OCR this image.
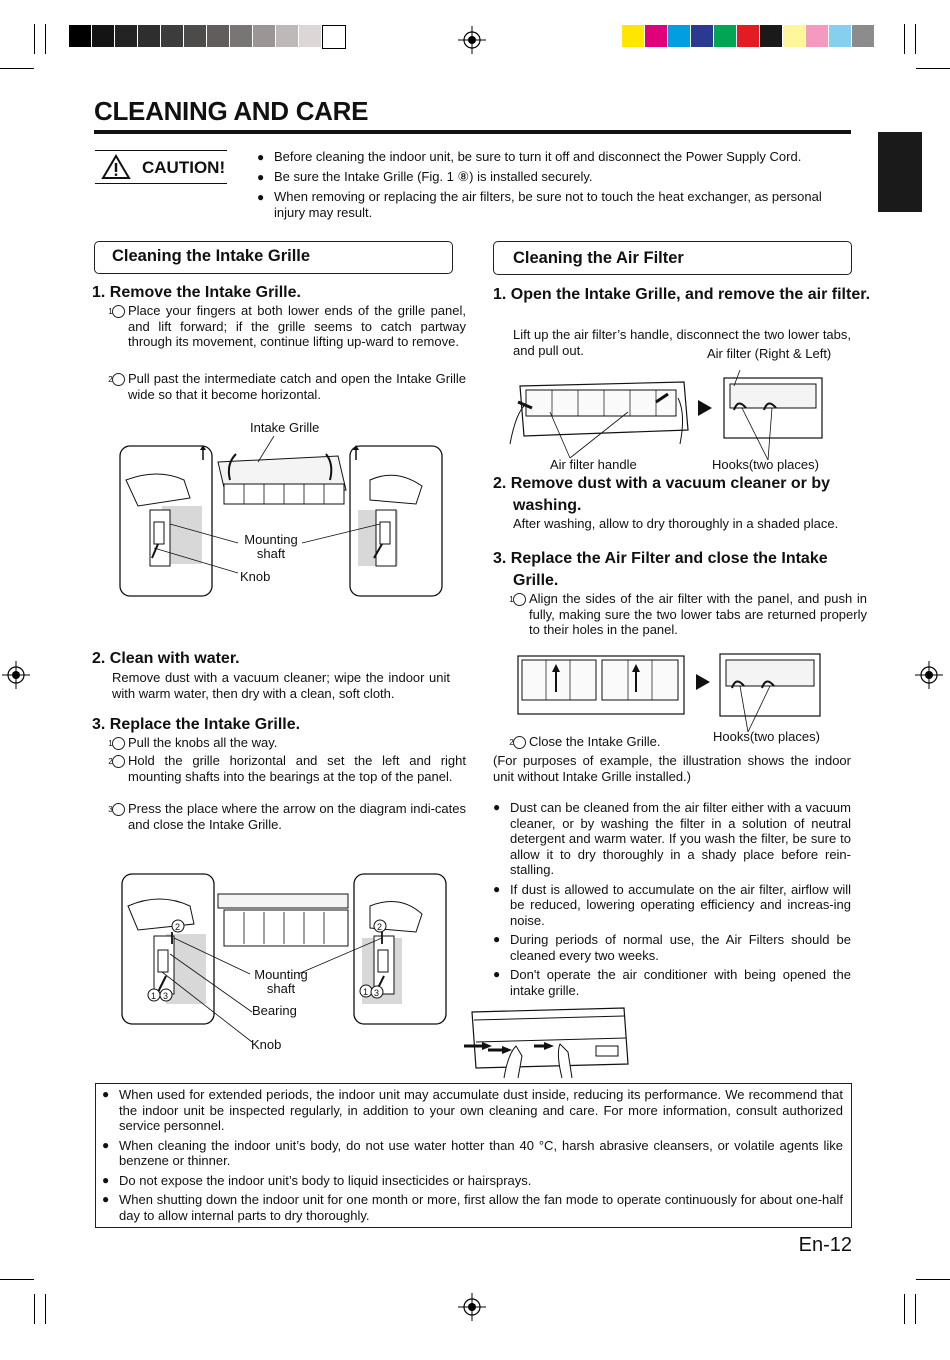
CLEANING AND CARE
CAUTION!
● Before cleaning the indoor unit, be sure to turn it off and disconnect the Power Supply Cord.
● Be sure the Intake Grille (Fig. 1 ⑧) is installed securely.
● When removing or replacing the air filters, be sure not to touch the heat exchanger, as personal injury may result.
Cleaning the Intake Grille
1. Remove the Intake Grille.
1 Place your fingers at both lower ends of the grille panel, and lift forward; if the grille seems to catch partway through its movement, continue lifting up-ward to remove.
2 Pull past the intermediate catch and open the Intake Grille wide so that it become horizontal.
Intake Grille
Mounting shaft
Knob
2. Clean with water.
Remove dust with a vacuum cleaner; wipe the indoor unit with warm water, then dry with a clean, soft cloth.
3. Replace the Intake Grille.
1 Pull the knobs all the way.
2 Hold the grille horizontal and set the left and right mounting shafts into the bearings at the top of the panel.
3 Press the place where the arrow on the diagram indi-cates and close the Intake Grille.
2	2
1 3	1 3
Mounting shaft
Bearing
Knob
Cleaning the Air Filter
1. Open the Intake Grille, and remove the air filter.
Lift up the air filter’s handle, disconnect the two lower tabs, and pull out.	Air filter (Right & Left)
Air filter handle	Hooks(two places)
2. Remove dust with a vacuum cleaner or by washing.
After washing, allow to dry thoroughly in a shaded place.
3. Replace the Air Filter and close the Intake Grille.
1 Align the sides of the air filter with the panel, and push in fully, making sure the two lower tabs are returned properly to their holes in the panel.
Hooks(two places)
2 Close the Intake Grille.
(For purposes of example, the illustration shows the indoor unit without Intake Grille installed.)
● Dust can be cleaned from the air filter either with a vacuum cleaner, or by washing the filter in a solution of neutral detergent and warm water. If you wash the filter, be sure to allow it to dry thoroughly in a shady place before rein-stalling.
● If dust is allowed to accumulate on the air filter, airflow will be reduced, lowering operating efficiency and increas-ing noise.
● During periods of normal use, the Air Filters should be cleaned every two weeks.
● Don't operate the air conditioner with being opened the intake grille.
● When used for extended periods, the indoor unit may accumulate dust inside, reducing its performance. We recommend that the indoor unit be inspected regularly, in addition to your own cleaning and care. For more information, consult authorized service personnel.
● When cleaning the indoor unit’s body, do not use water hotter than 40 °C, harsh abrasive cleansers, or volatile agents like benzene or thinner.
● Do not expose the indoor unit’s body to liquid insecticides or hairsprays.
● When shutting down the indoor unit for one month or more, first allow the fan mode to operate continuously for about one-half day to allow internal parts to dry thoroughly.
En-12
